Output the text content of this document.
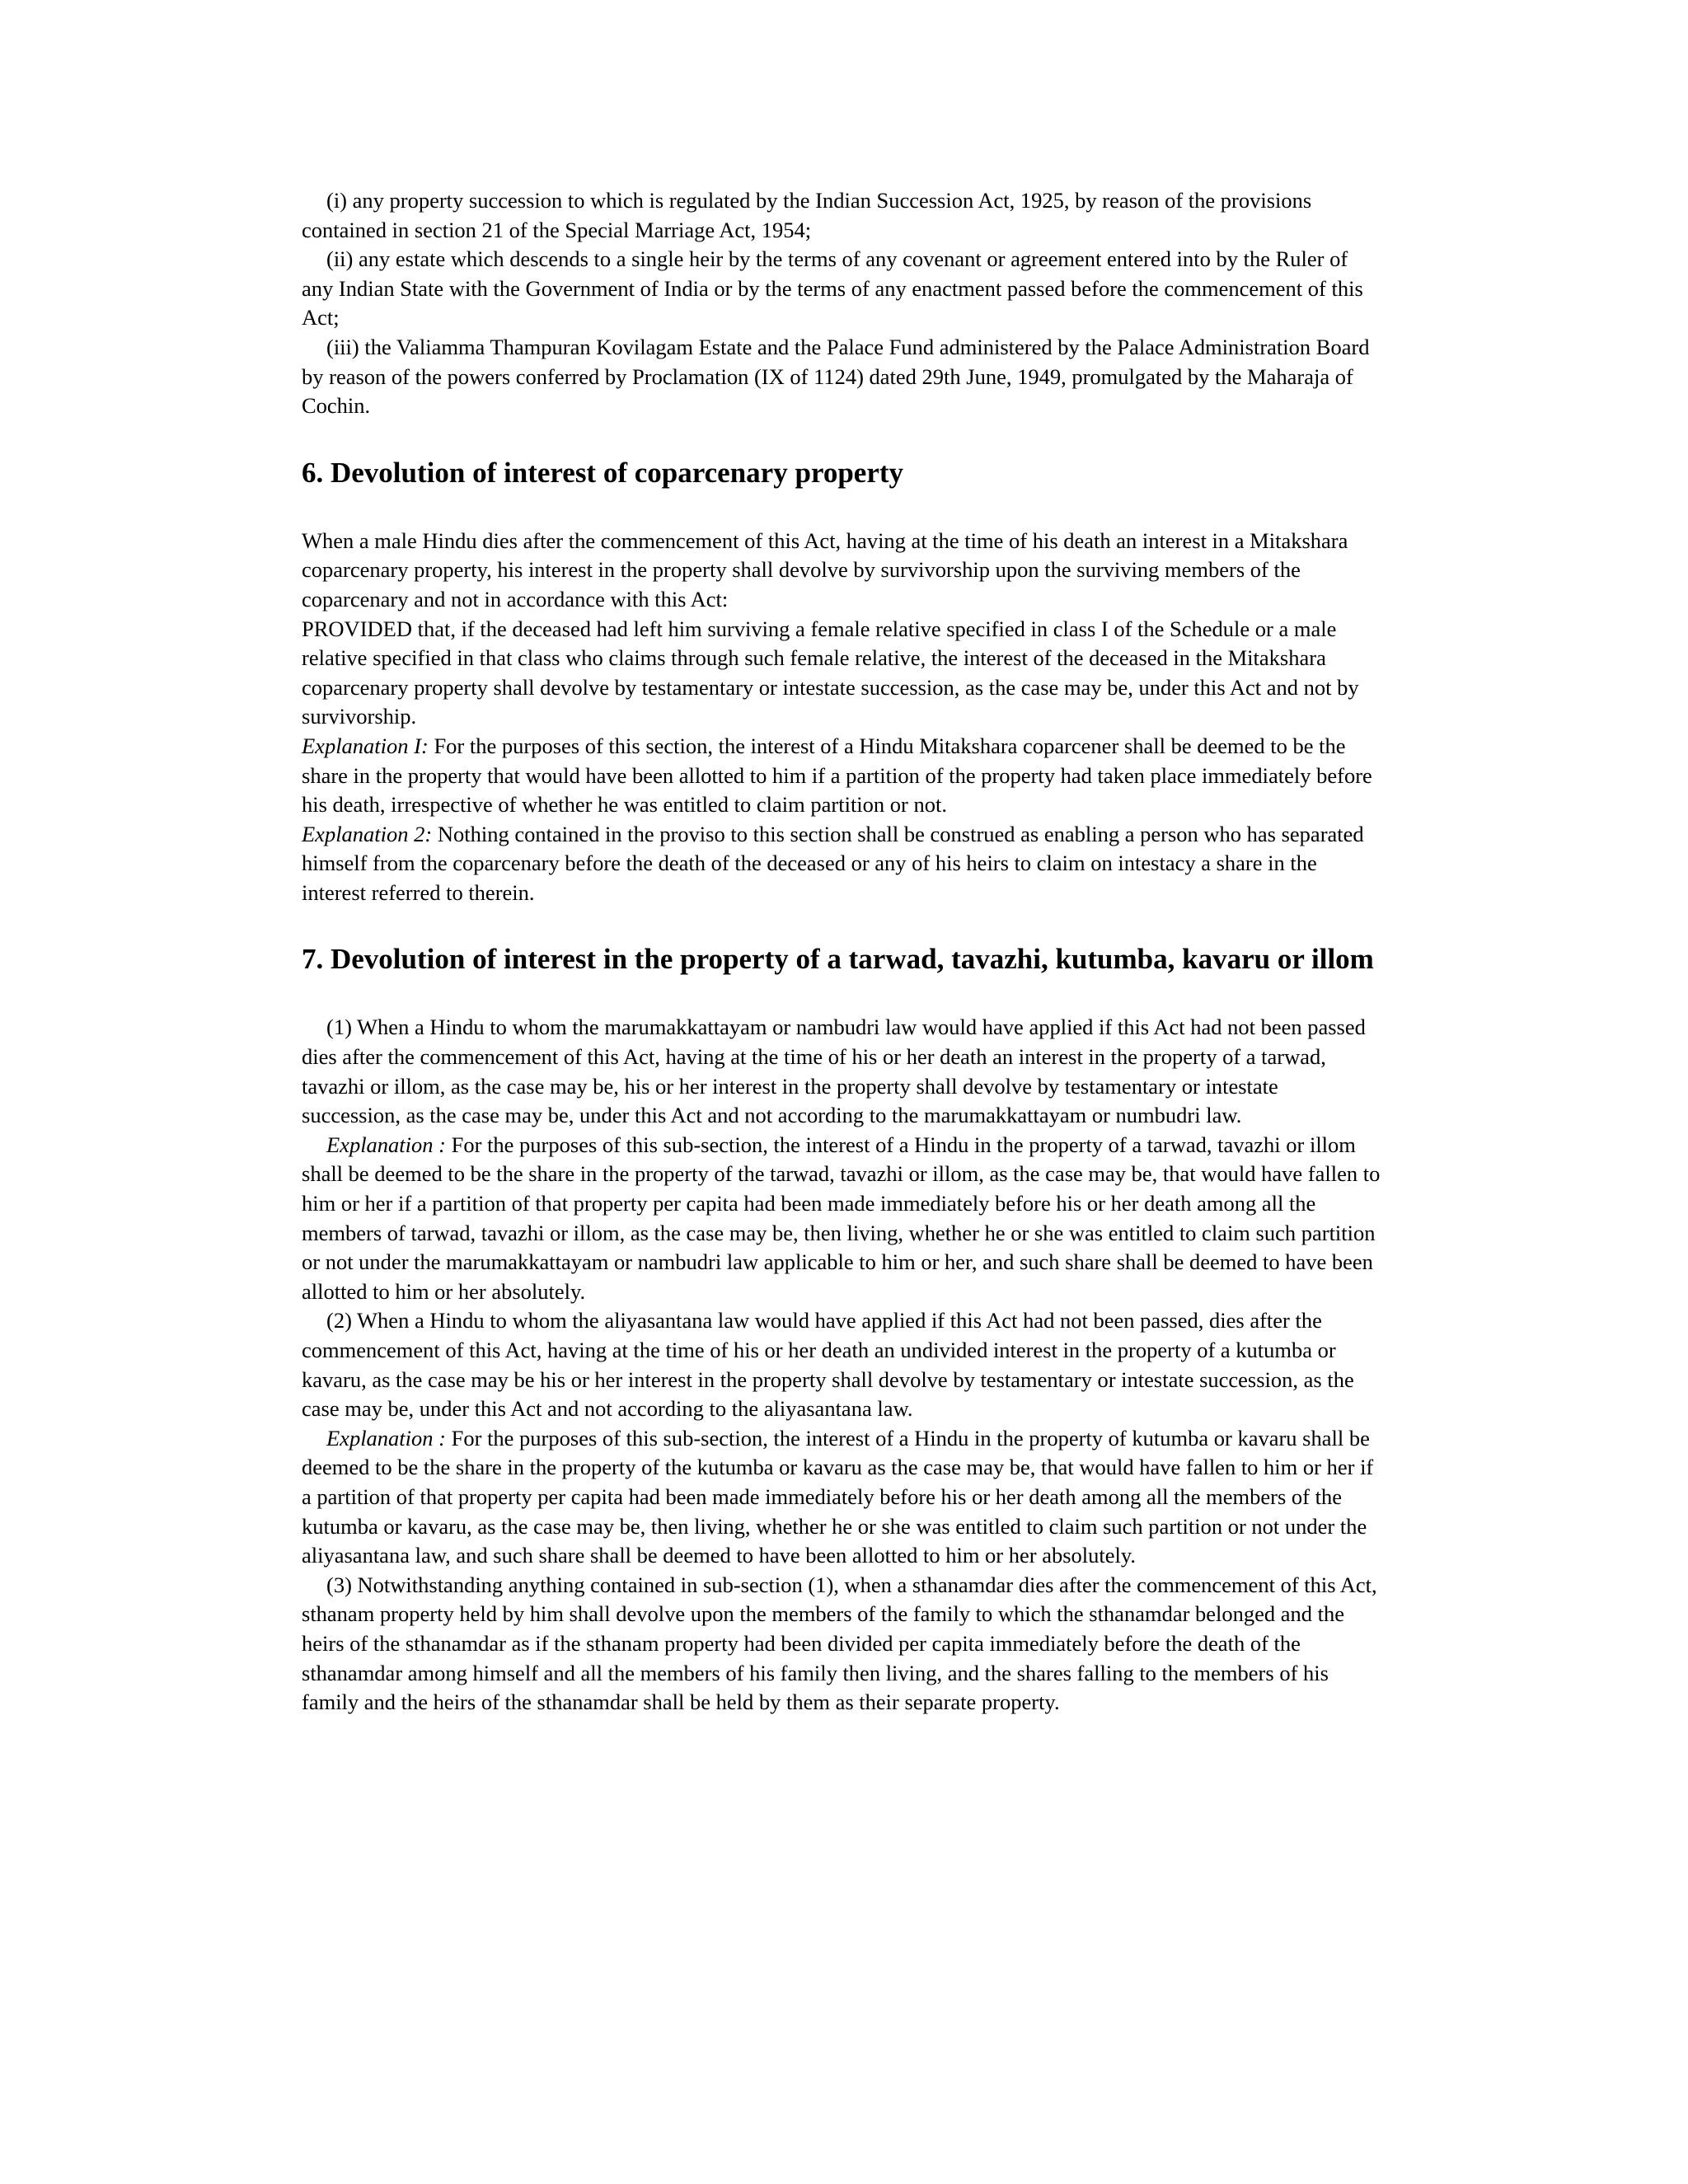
(i) any property succession to which is regulated by the Indian Succession Act, 1925, by reason of the provisions contained in section 21 of the Special Marriage Act, 1954;

(ii) any estate which descends to a single heir by the terms of any covenant or agreement entered into by the Ruler of any Indian State with the Government of India or by the terms of any enactment passed before the commencement of this Act;

(iii) the Valiamma Thampuran Kovilagam Estate and the Palace Fund administered by the Palace Administration Board by reason of the powers conferred by Proclamation (IX of 1124) dated 29th June, 1949, promulgated by the Maharaja of Cochin.

6. Devolution of interest of coparcenary property

When a male Hindu dies after the commencement of this Act, having at the time of his death an interest in a Mitakshara coparcenary property, his interest in the property shall devolve by survivorship upon the surviving members of the coparcenary and not in accordance with this Act:

PROVIDED that, if the deceased had left him surviving a female relative specified in class I of the Schedule or a male relative specified in that class who claims through such female relative, the interest of the deceased in the Mitakshara coparcenary property shall devolve by testamentary or intestate succession, as the case may be, under this Act and not by survivorship.

Explanation I: For the purposes of this section, the interest of a Hindu Mitakshara coparcener shall be deemed to be the share in the property that would have been allotted to him if a partition of the property had taken place immediately before his death, irrespective of whether he was entitled to claim partition or not.

Explanation 2: Nothing contained in the proviso to this section shall be construed as enabling a person who has separated himself from the coparcenary before the death of the deceased or any of his heirs to claim on intestacy a share in the interest referred to therein.

7. Devolution of interest in the property of a tarwad, tavazhi, kutumba, kavaru or illom

(1) When a Hindu to whom the marumakkattayam or nambudri law would have applied if this Act had not been passed dies after the commencement of this Act, having at the time of his or her death an interest in the property of a tarwad, tavazhi or illom, as the case may be, his or her interest in the property shall devolve by testamentary or intestate succession, as the case may be, under this Act and not according to the marumakkattayam or numbudri law.

Explanation : For the purposes of this sub-section, the interest of a Hindu in the property of a tarwad, tavazhi or illom shall be deemed to be the share in the property of the tarwad, tavazhi or illom, as the case may be, that would have fallen to him or her if a partition of that property per capita had been made immediately before his or her death among all the members of tarwad, tavazhi or illom, as the case may be, then living, whether he or she was entitled to claim such partition or not under the marumakkattayam or nambudri law applicable to him or her, and such share shall be deemed to have been allotted to him or her absolutely.

(2) When a Hindu to whom the aliyasantana law would have applied if this Act had not been passed, dies after the commencement of this Act, having at the time of his or her death an undivided interest in the property of a kutumba or kavaru, as the case may be his or her interest in the property shall devolve by testamentary or intestate succession, as the case may be, under this Act and not according to the aliyasantana law.

Explanation : For the purposes of this sub-section, the interest of a Hindu in the property of kutumba or kavaru shall be deemed to be the share in the property of the kutumba or kavaru as the case may be, that would have fallen to him or her if a partition of that property per capita had been made immediately before his or her death among all the members of the kutumba or kavaru, as the case may be, then living, whether he or she was entitled to claim such partition or not under the aliyasantana law, and such share shall be deemed to have been allotted to him or her absolutely.

(3) Notwithstanding anything contained in sub-section (1), when a sthanamdar dies after the commencement of this Act, sthanam property held by him shall devolve upon the members of the family to which the sthanamdar belonged and the heirs of the sthanamdar as if the sthanam property had been divided per capita immediately before the death of the sthanamdar among himself and all the members of his family then living, and the shares falling to the members of his family and the heirs of the sthanamdar shall be held by them as their separate property.
